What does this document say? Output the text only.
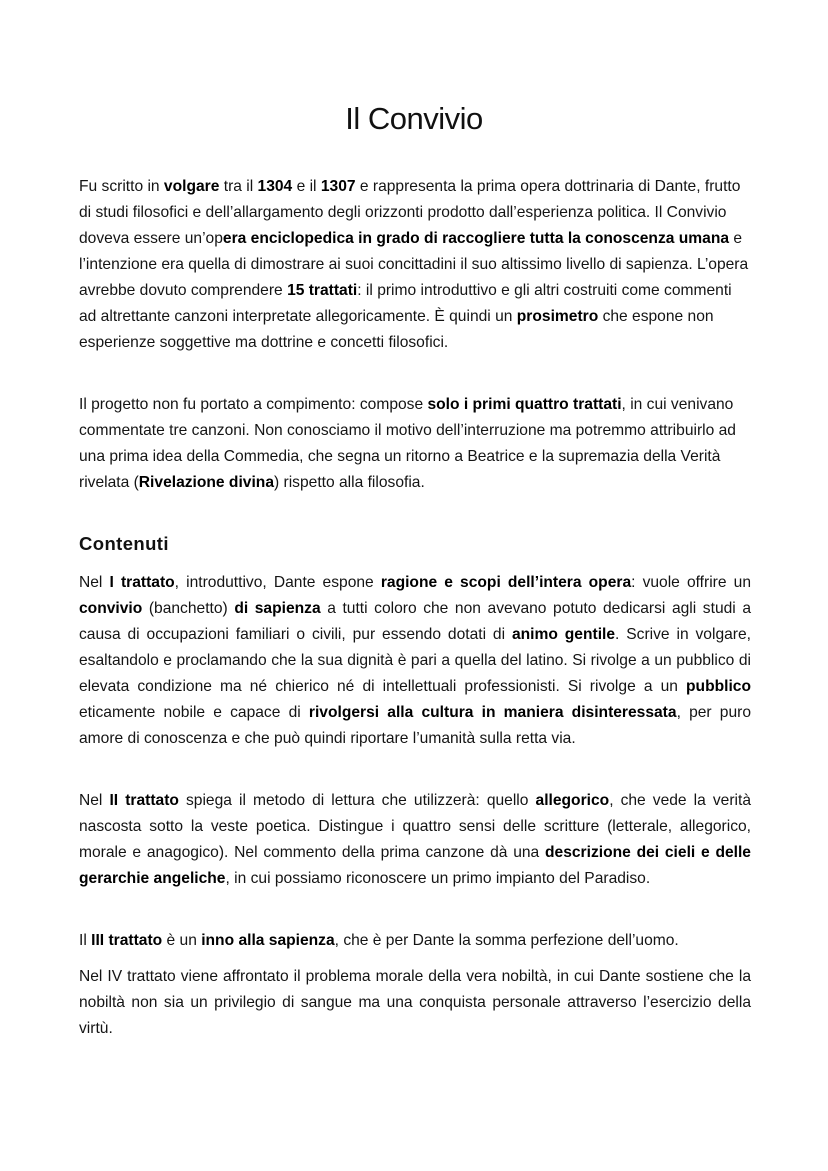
Il Convivio

Fu scritto in volgare tra il 1304 e il 1307 e rappresenta la prima opera dottrinaria di Dante, frutto di studi filosofici e dell’allargamento degli orizzonti prodotto dall’esperienza politica. Il Convivio doveva essere un’opera enciclopedica in grado di raccogliere tutta la conoscenza umana e l’intenzione era quella di dimostrare ai suoi concittadini il suo altissimo livello di sapienza. L’opera avrebbe dovuto comprendere 15 trattati: il primo introduttivo e gli altri costruiti come commenti ad altrettante canzoni interpretate allegoricamente. È quindi un prosimetro che espone non esperienze soggettive ma dottrine e concetti filosofici.

Il progetto non fu portato a compimento: compose solo i primi quattro trattati, in cui venivano commentate tre canzoni. Non conosciamo il motivo dell’interruzione ma potremmo attribuirlo ad una prima idea della Commedia, che segna un ritorno a Beatrice e la supremazia della Verità rivelata (Rivelazione divina) rispetto alla filosofia.

Contenuti

Nel I trattato, introduttivo, Dante espone ragione e scopi dell’intera opera: vuole offrire un convivio (banchetto) di sapienza a tutti coloro che non avevano potuto dedicarsi agli studi a causa di occupazioni familiari o civili, pur essendo dotati di animo gentile. Scrive in volgare, esaltandolo e proclamando che la sua dignità è pari a quella del latino. Si rivolge a un pubblico di elevata condizione ma né chierico né di intellettuali professionisti. Si rivolge a un pubblico eticamente nobile e capace di rivolgersi alla cultura in maniera disinteressata, per puro amore di conoscenza e che può quindi riportare l’umanità sulla retta via.

Nel II trattato spiega il metodo di lettura che utilizzerà: quello allegorico, che vede la verità nascosta sotto la veste poetica. Distingue i quattro sensi delle scritture (letterale, allegorico, morale e anagogico). Nel commento della prima canzone dà una descrizione dei cieli e delle gerarchie angeliche, in cui possiamo riconoscere un primo impianto del Paradiso.

Il III trattato è un inno alla sapienza, che è per Dante la somma perfezione dell’uomo.

Nel IV trattato viene affrontato il problema morale della vera nobiltà, in cui Dante sostiene che la nobiltà non sia un privilegio di sangue ma una conquista personale attraverso l’esercizio della virtù.
